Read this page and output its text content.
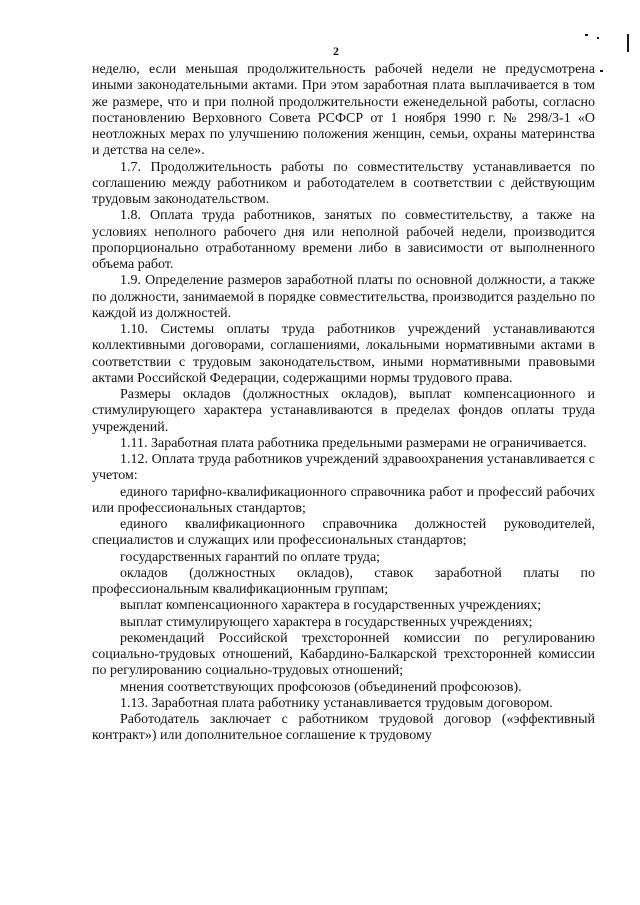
2

неделю, если меньшая продолжительность рабочей недели не предусмотрена иными законодательными актами. При этом заработная плата выплачивается в том же размере, что и при полной продолжительности еженедельной работы, согласно постановлению Верховного Совета РСФСР от 1 ноября 1990 г. № 298/3-1 «О неотложных мерах по улучшению положения женщин, семьи, охраны материнства и детства на селе».

1.7. Продолжительность работы по совместительству устанавливается по соглашению между работником и работодателем в соответствии с действующим трудовым законодательством.

1.8. Оплата труда работников, занятых по совместительству, а также на условиях неполного рабочего дня или неполной рабочей недели, производится пропорционально отработанному времени либо в зависимости от выполненного объема работ.

1.9. Определение размеров заработной платы по основной должности, а также по должности, занимаемой в порядке совместительства, производится раздельно по каждой из должностей.

1.10. Системы оплаты труда работников учреждений устанавливаются коллективными договорами, соглашениями, локальными нормативными актами в соответствии с трудовым законодательством, иными нормативными правовыми актами Российской Федерации, содержащими нормы трудового права.

Размеры окладов (должностных окладов), выплат компенсационного и стимулирующего характера устанавливаются в пределах фондов оплаты труда учреждений.

1.11. Заработная плата работника предельными размерами не ограничивается.

1.12. Оплата труда работников учреждений здравоохранения устанавливается с учетом:

единого тарифно-квалификационного справочника работ и профессий рабочих или профессиональных стандартов;

единого квалификационного справочника должностей руководителей, специалистов и служащих или профессиональных стандартов;

государственных гарантий по оплате труда;

окладов (должностных окладов), ставок заработной платы по профессиональным квалификационным группам;

выплат компенсационного характера в государственных учреждениях;

выплат стимулирующего характера в государственных учреждениях;

рекомендаций Российской трехсторонней комиссии по регулированию социально-трудовых отношений, Кабардино-Балкарской трехсторонней комиссии по регулированию социально-трудовых отношений;

мнения соответствующих профсоюзов (объединений профсоюзов).

1.13. Заработная плата работнику устанавливается трудовым договором.

Работодатель заключает с работником трудовой договор («эффективный контракт») или дополнительное соглашение к трудовому
